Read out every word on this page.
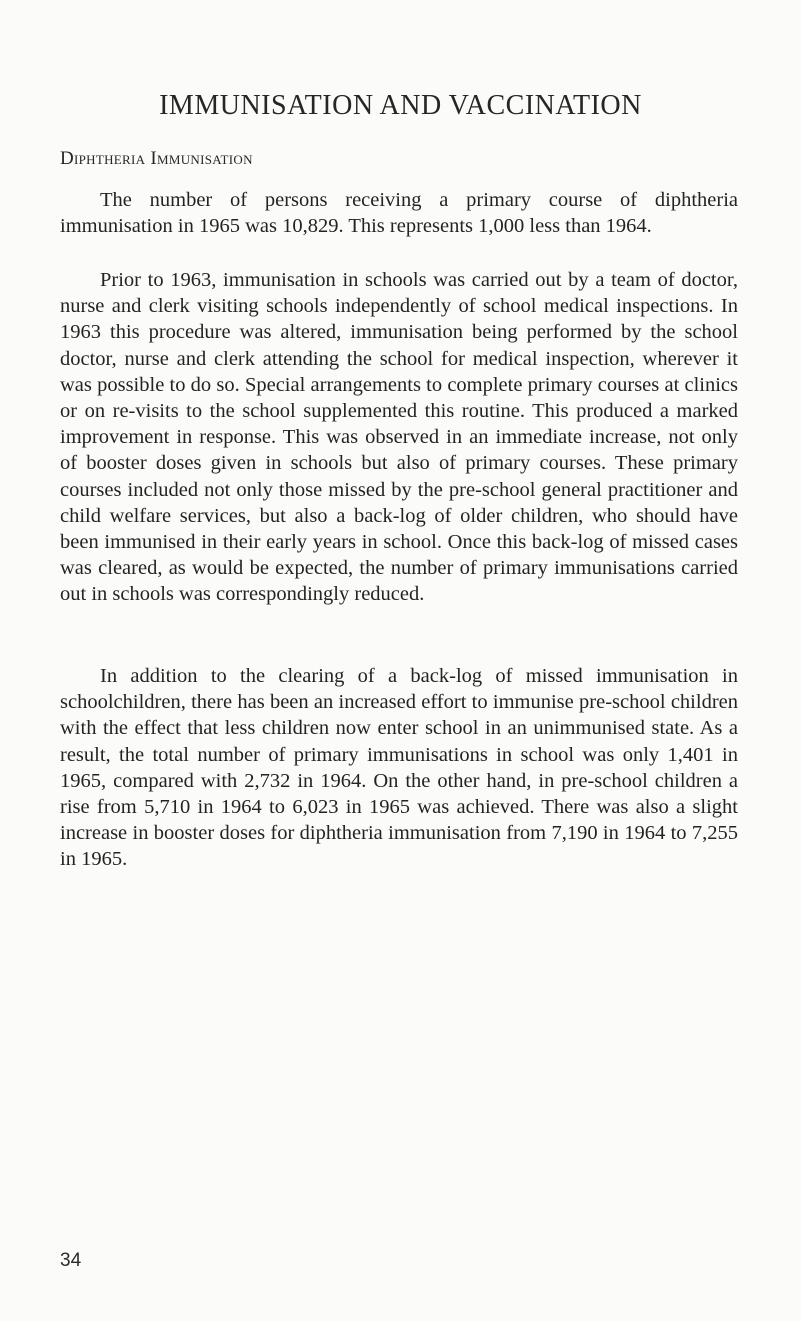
IMMUNISATION AND VACCINATION
Diphtheria Immunisation

The number of persons receiving a primary course of diphtheria immunisation in 1965 was 10,829. This represents 1,000 less than 1964.

Prior to 1963, immunisation in schools was carried out by a team of doctor, nurse and clerk visiting schools independently of school medical inspections. In 1963 this procedure was altered, immunisation being performed by the school doctor, nurse and clerk attending the school for medical inspection, wherever it was possible to do so. Special arrangements to complete primary courses at clinics or on re-visits to the school supplemented this routine. This produced a marked improvement in response. This was observed in an immediate increase, not only of booster doses given in schools but also of primary courses. These primary courses included not only those missed by the pre-school general practitioner and child welfare services, but also a back-log of older children, who should have been immunised in their early years in school. Once this back-log of missed cases was cleared, as would be expected, the number of primary immunisations carried out in schools was correspondingly reduced.

In addition to the clearing of a back-log of missed immunisation in schoolchildren, there has been an increased effort to immunise pre-school children with the effect that less children now enter school in an unimmunised state. As a result, the total number of primary immunisations in school was only 1,401 in 1965, compared with 2,732 in 1964. On the other hand, in pre-school children a rise from 5,710 in 1964 to 6,023 in 1965 was achieved. There was also a slight increase in booster doses for diphtheria immunisation from 7,190 in 1964 to 7,255 in 1965.

34
